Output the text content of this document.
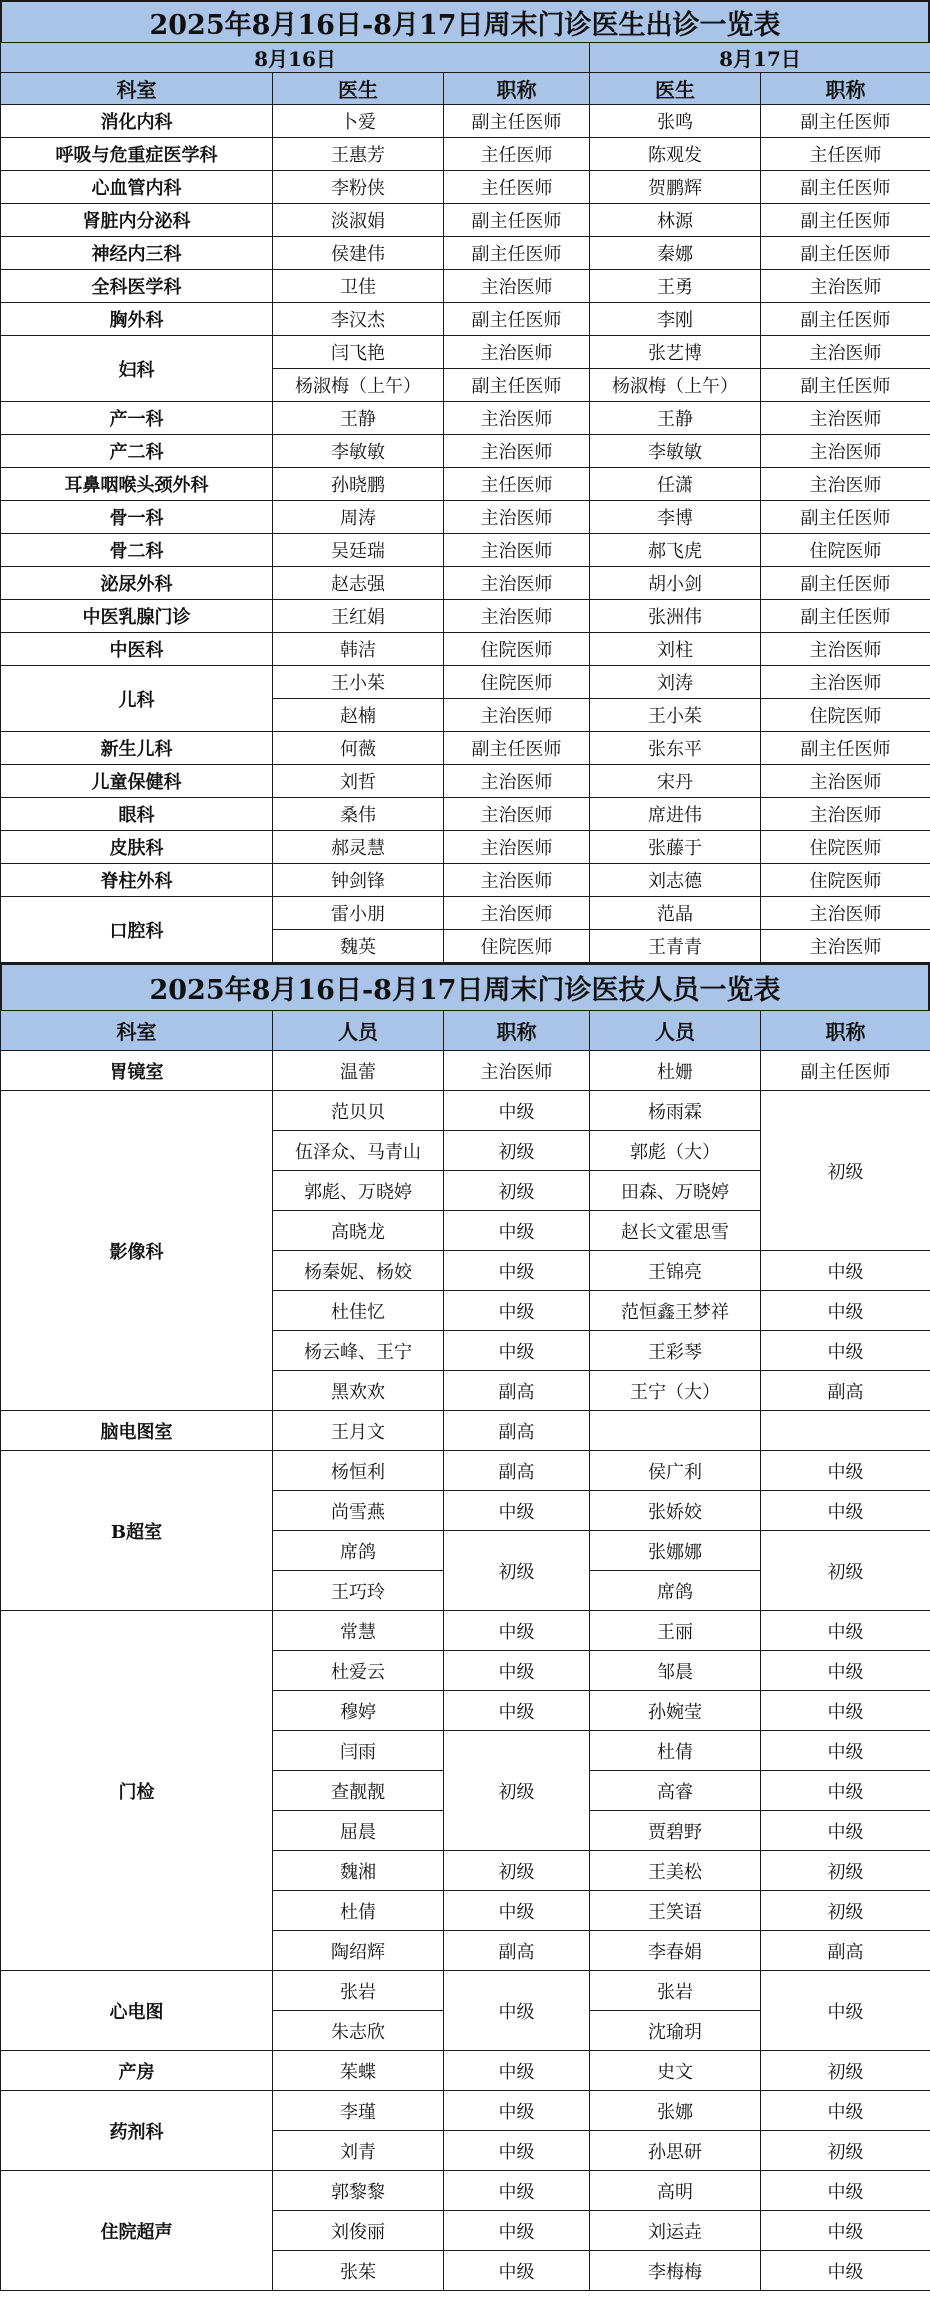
2025年8月16日-8月17日周末门诊医生出诊一览表
8月16日			8月17日	
科室	医生	职称	医生	职称
消化内科	卜爱	副主任医师	张鸣	副主任医师
呼吸与危重症医学科	王惠芳	主任医师	陈观发	主任医师
心血管内科	李粉侠	主任医师	贺鹏辉	副主任医师
肾脏内分泌科	淡淑娟	副主任医师	林源	副主任医师
神经内三科	侯建伟	副主任医师	秦娜	副主任医师
全科医学科	卫佳	主治医师	王勇	主治医师
胸外科	李汉杰	副主任医师	李刚	副主任医师
妇科	闫飞艳	主治医师	张艺博	主治医师
	杨淑梅（上午）	副主任医师	杨淑梅（上午）	副主任医师
产一科	王静	主治医师	王静	主治医师
产二科	李敏敏	主治医师	李敏敏	主治医师
耳鼻咽喉头颈外科	孙晓鹏	主任医师	任潇	主治医师
骨一科	周涛	主治医师	李博	副主任医师
骨二科	吴廷瑞	主治医师	郝飞虎	住院医师
泌尿外科	赵志强	主治医师	胡小剑	副主任医师
中医乳腺门诊	王红娟	主治医师	张洲伟	副主任医师
中医科	韩洁	住院医师	刘柱	主治医师
儿科	王小茱	住院医师	刘涛	主治医师
	赵楠	主治医师	王小茱	住院医师
新生儿科	何薇	副主任医师	张东平	副主任医师
儿童保健科	刘哲	主治医师	宋丹	主治医师
眼科	桑伟	主治医师	席进伟	主治医师
皮肤科	郝灵慧	主治医师	张藤于	住院医师
脊柱外科	钟剑锋	主治医师	刘志德	住院医师
口腔科	雷小朋	主治医师	范晶	主治医师
	魏英	住院医师	王青青	主治医师
2025年8月16日-8月17日周末门诊医技人员一览表
科室	人员	职称	人员	职称
胃镜室	温蕾	主治医师	杜姗	副主任医师
影像科	范贝贝	中级	杨雨霖	初级
	伍泽众、马青山	初级	郭彪（大）	
	郭彪、万晓婷	初级	田森、万晓婷	
	高晓龙	中级	赵长文霍思雪	
	杨秦妮、杨姣	中级	王锦亮	中级
	杜佳忆	中级	范恒鑫王梦祥	中级
	杨云峰、王宁	中级	王彩琴	中级
	黑欢欢	副高	王宁（大）	副高
脑电图室	王月文	副高		
B超室	杨恒利	副高	侯广利	中级
	尚雪燕	中级	张娇姣	中级
	席鸽	初级	张娜娜	初级
	王巧玲		席鸽	
门检	常慧	中级	王丽	中级
	杜爱云	中级	邹晨	中级
	穆婷	中级	孙婉莹	中级
	闫雨	初级	杜倩	中级
	查靓靓		高睿	中级
	屈晨		贾碧野	中级
	魏湘	初级	王美松	初级
	杜倩	中级	王笑语	初级
	陶绍辉	副高	李春娟	副高
心电图	张岩	中级	张岩	中级
	朱志欣		沈瑜玥	
产房	茱蝶	中级	史文	初级
药剂科	李瑾	中级	张娜	中级
	刘青	中级	孙思研	初级
住院超声	郭黎黎	中级	高明	中级
	刘俊丽	中级	刘运垚	中级
	张茱	中级	李梅梅	中级
